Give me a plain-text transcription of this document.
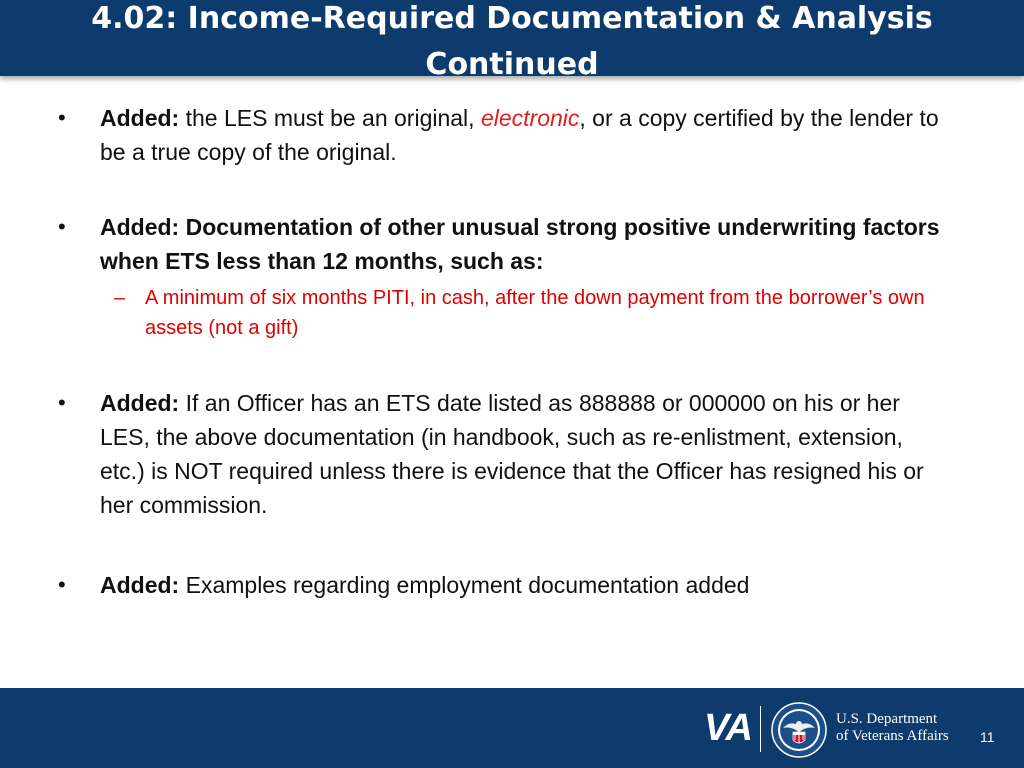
4.02: Income-Required Documentation & Analysis Continued
• Added: the LES must be an original, electronic, or a copy certified by the lender to be a true copy of the original.
• Added: Documentation of other unusual strong positive underwriting factors when ETS less than 12 months, such as:
– A minimum of six months PITI, in cash, after the down payment from the borrower’s own assets (not a gift)
• Added: If an Officer has an ETS date listed as 888888 or 000000 on his or her LES, the above documentation (in handbook, such as re-enlistment, extension, etc.) is NOT required unless there is evidence that the Officer has resigned his or her commission.
• Added: Examples regarding employment documentation added
VA	U.S. Department
of Veterans Affairs 11
